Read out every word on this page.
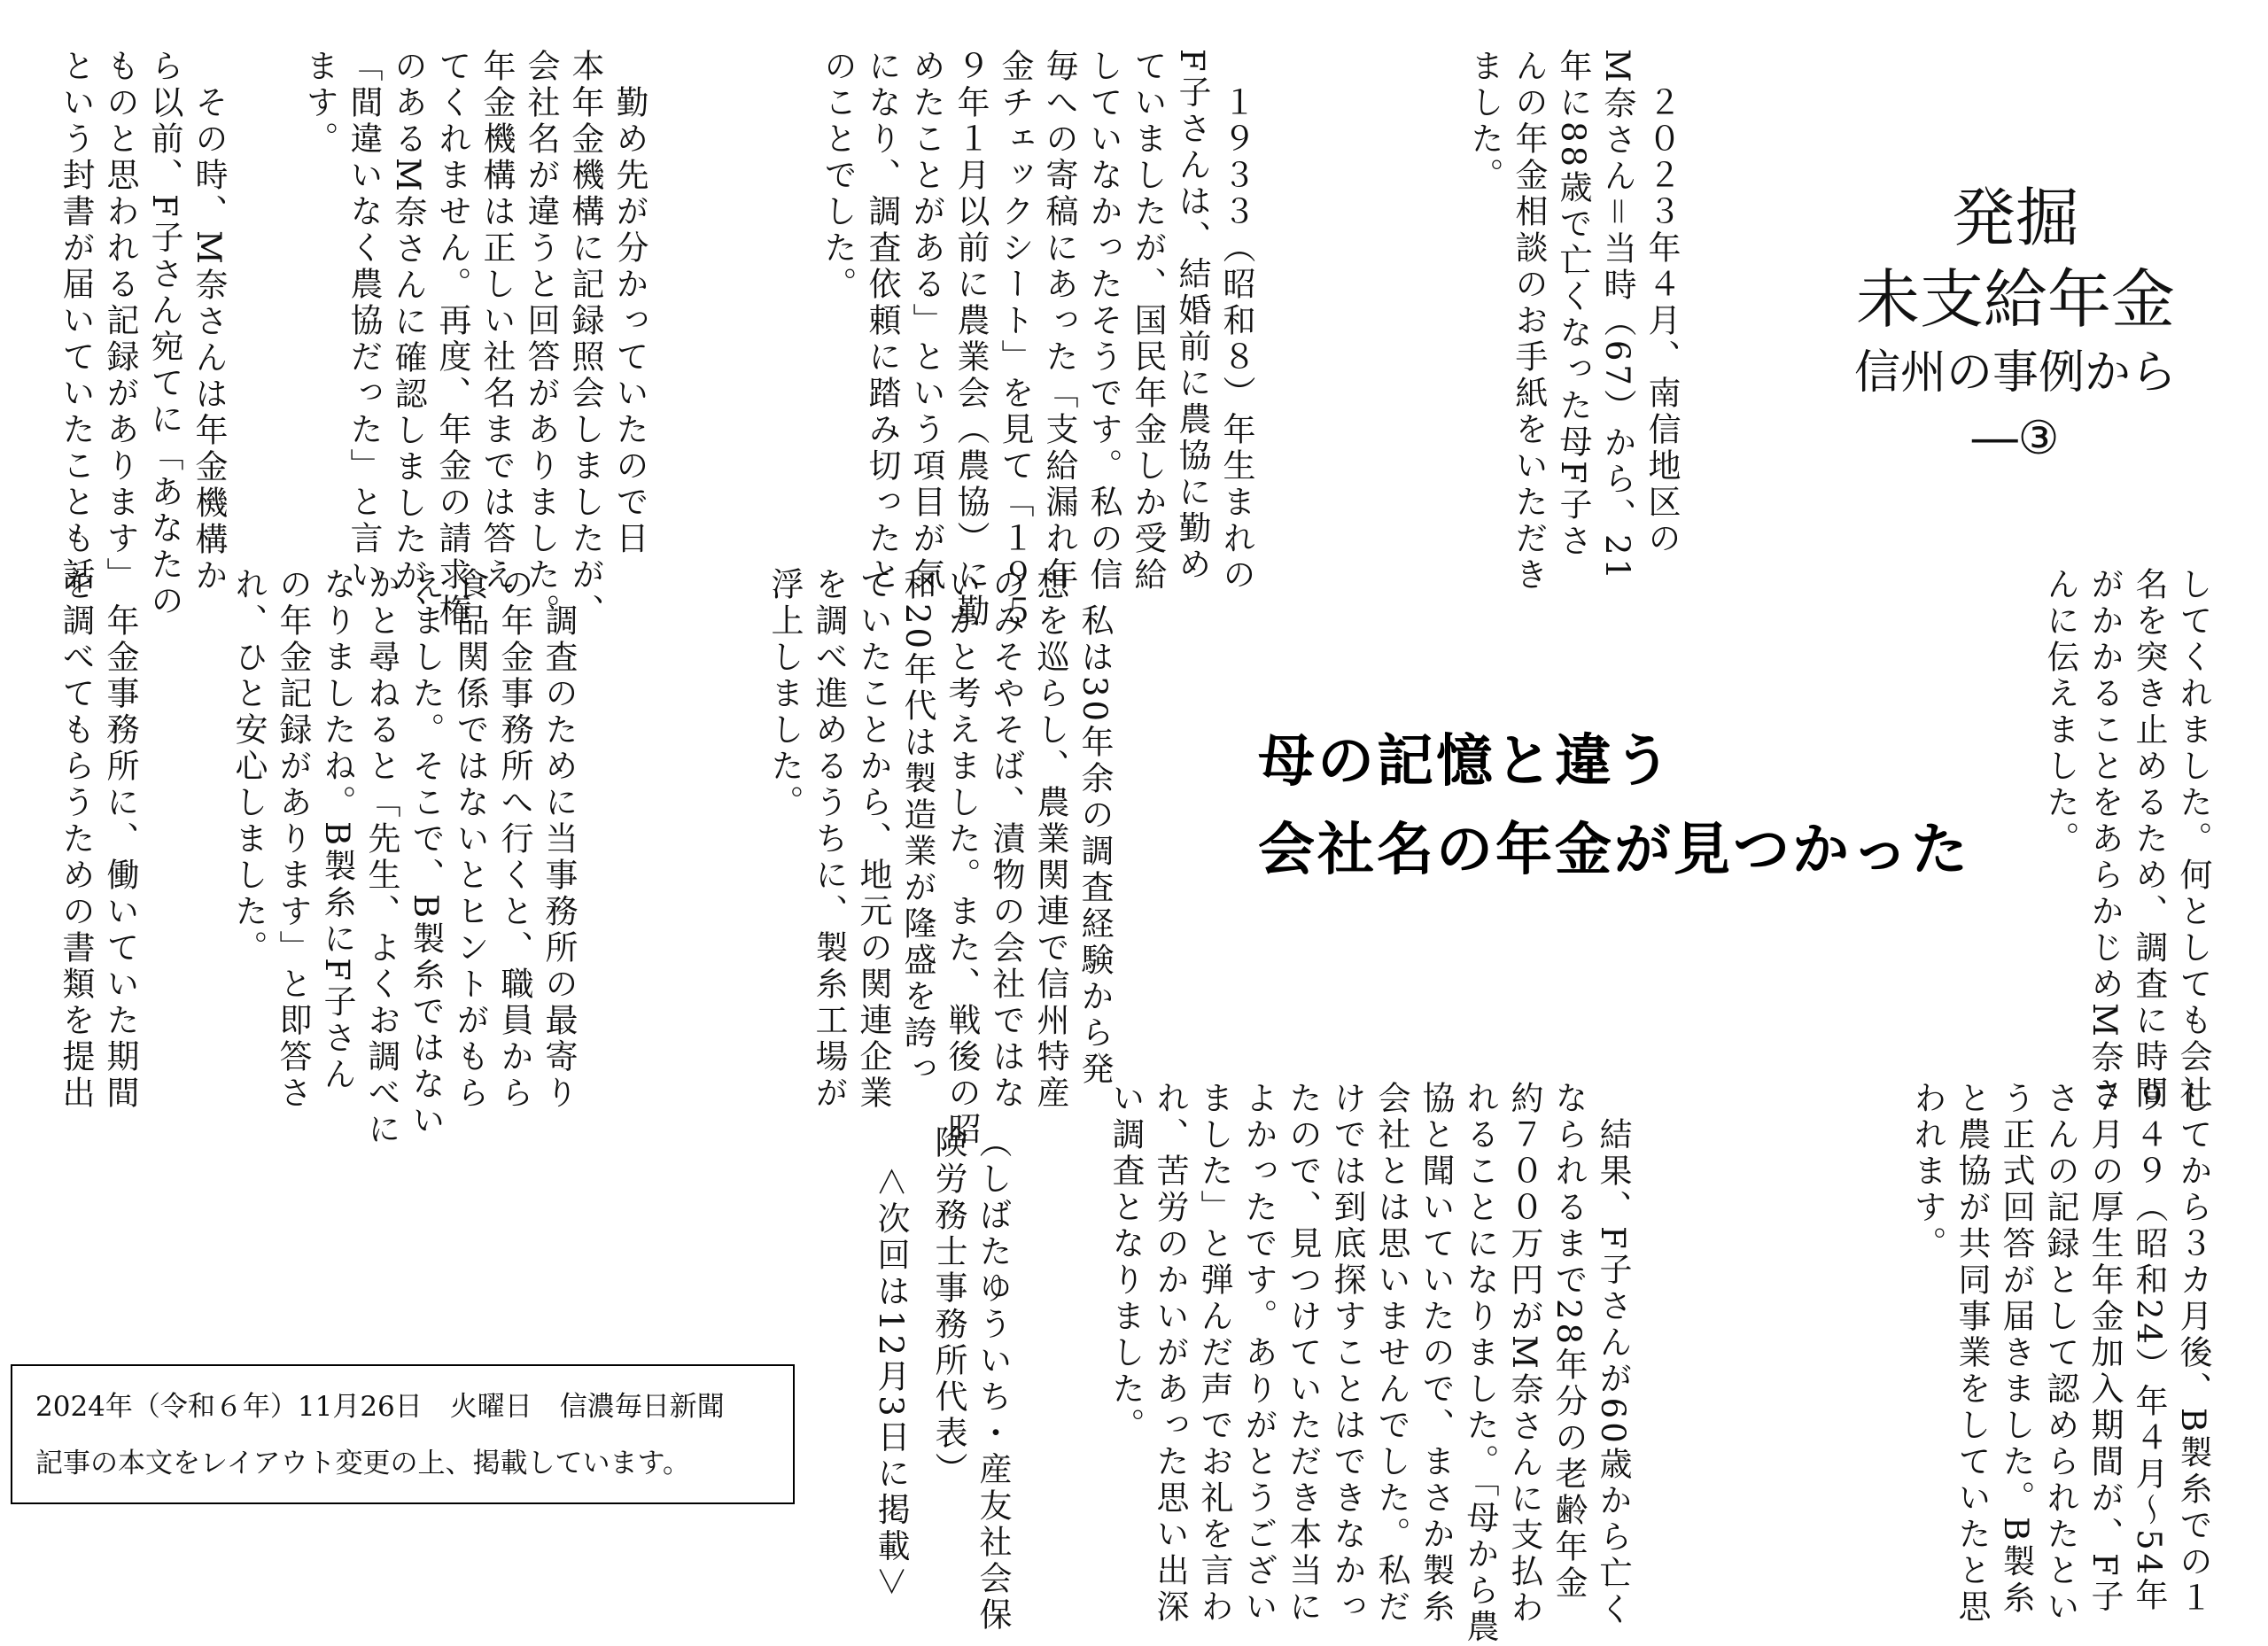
発掘
未支給年金
信州の事例から―③
母の記憶と違う
会社名の年金が見つかった
　２０２３年４月、南信地区の
M奈さん＝当時（67）から、21
年に88歳で亡くなった母F子さ
んの年金相談のお手紙をいただき
ました。
　１９３３（昭和８）年生まれの
F子さんは、結婚前に農協に勤め
ていましたが、国民年金しか受給
していなかったそうです。私の信
毎への寄稿にあった「支給漏れ年
金チェックシート」を見て「１９５
９年１月以前に農業会（農協）に勤
めたことがある」という項目が気
になり、調査依頼に踏み切ったと
のことでした。
　勤め先が分かっていたので日
本年金機構に記録照会しましたが、
会社名が違うと回答がありました。
年金機構は正しい社名までは答え
てくれません。再度、年金の請求権
のあるM奈さんに確認しましたが、
「間違いなく農協だった」と言い
ます。
　その時、M奈さんは年金機構か
ら以前、F子さん宛てに「あなたの
ものと思われる記録があります」
という封書が届いていたことも話
してくれました。何としても会社
名を突き止めるため、調査に時間
がかかることをあらかじめM奈さ
んに伝えました。
　私は30年余の調査経験から発
想を巡らし、農業関連で信州特産
のみそやそば、漬物の会社ではな
いかと考えました。また、戦後の昭
和20年代は製造業が隆盛を誇っ
ていたことから、地元の関連企業
を調べ進めるうちに、製糸工場が
浮上しました。
　調査のために当事務所の最寄り
の年金事務所へ行くと、職員から
食品関係ではないとヒントがもら
えました。そこで、B製糸ではない
かと尋ねると「先生、よくお調べに
なりましたね。B製糸にF子さん
の年金記録があります」と即答さ
れ、ひと安心しました。
　年金事務所に、働いていた期間
を調べてもらうための書類を提出
してから３カ月後、B製糸での１
９４９（昭和24）年４月～54年
７月の厚生年金加入期間が、F子
さんの記録として認められたとい
う正式回答が届きました。B製糸
と農協が共同事業をしていたと思
われます。
　結果、F子さんが60歳から亡く
なられるまで28年分の老齢年金
約７００万円がM奈さんに支払わ
れることになりました。「母から農
協と聞いていたので、まさか製糸
会社とは思いませんでした。私だ
けでは到底探すことはできなかっ
たので、見つけていただき本当に
よかったです。ありがとうござい
ました」と弾んだ声でお礼を言わ
れ、苦労のかいがあった思い出深
い調査となりました。
（しばたゆういち・産友社会保
険労務士事務所代表）
＜次回は12月3日に掲載＞
2024年（令和６年）11月26日　火曜日　信濃毎日新聞
記事の本文をレイアウト変更の上、掲載しています。
